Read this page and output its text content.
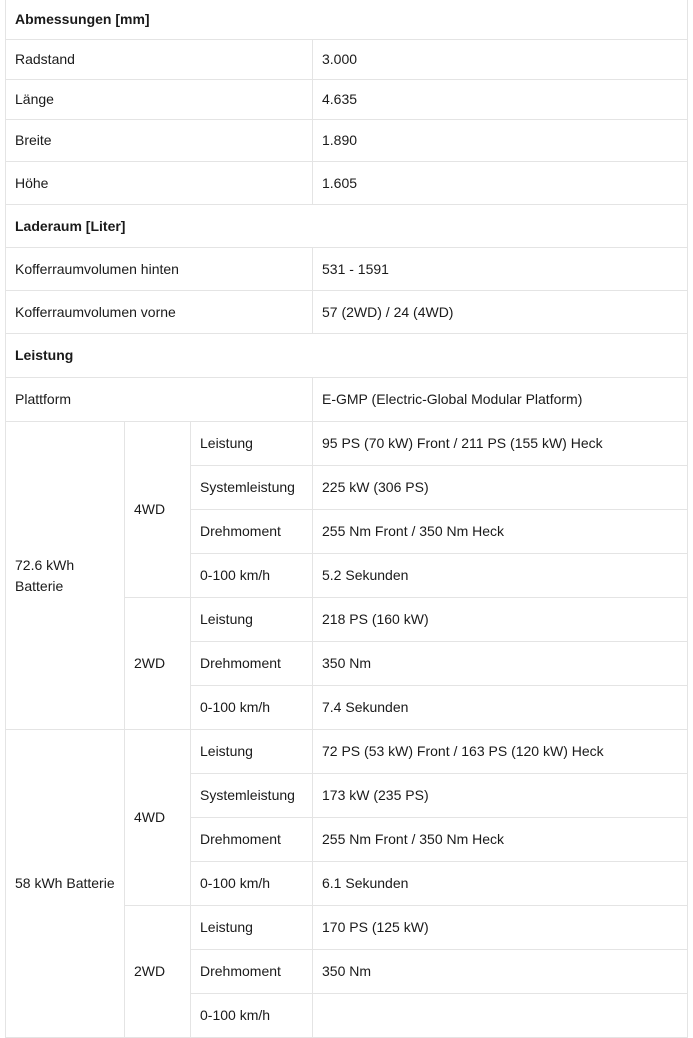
Abmessungen [mm]			
Radstand			3.000
Länge			4.635
Breite			1.890
Höhe			1.605
Laderaum [Liter]			
Kofferraumvolumen hinten			531 - 1591
Kofferraumvolumen vorne			57 (2WD) / 24 (4WD)
Leistung			
Plattform			E-GMP (Electric-Global Modular Platform)
72.6 kWh Batterie	4WD	Leistung	95 PS (70 kW) Front / 211 PS (155 kW) Heck
		Systemleistung	225 kW (306 PS)
		Drehmoment	255 Nm Front / 350 Nm Heck
		0-100 km/h	5.2 Sekunden
	2WD	Leistung	218 PS (160 kW)
		Drehmoment	350 Nm
		0-100 km/h	7.4 Sekunden
58 kWh Batterie	4WD	Leistung	72 PS (53 kW) Front / 163 PS (120 kW) Heck
		Systemleistung	173 kW (235 PS)
		Drehmoment	255 Nm Front / 350 Nm Heck
		0-100 km/h	6.1 Sekunden
	2WD	Leistung	170 PS (125 kW)
		Drehmoment	350 Nm
		0-100 km/h	
